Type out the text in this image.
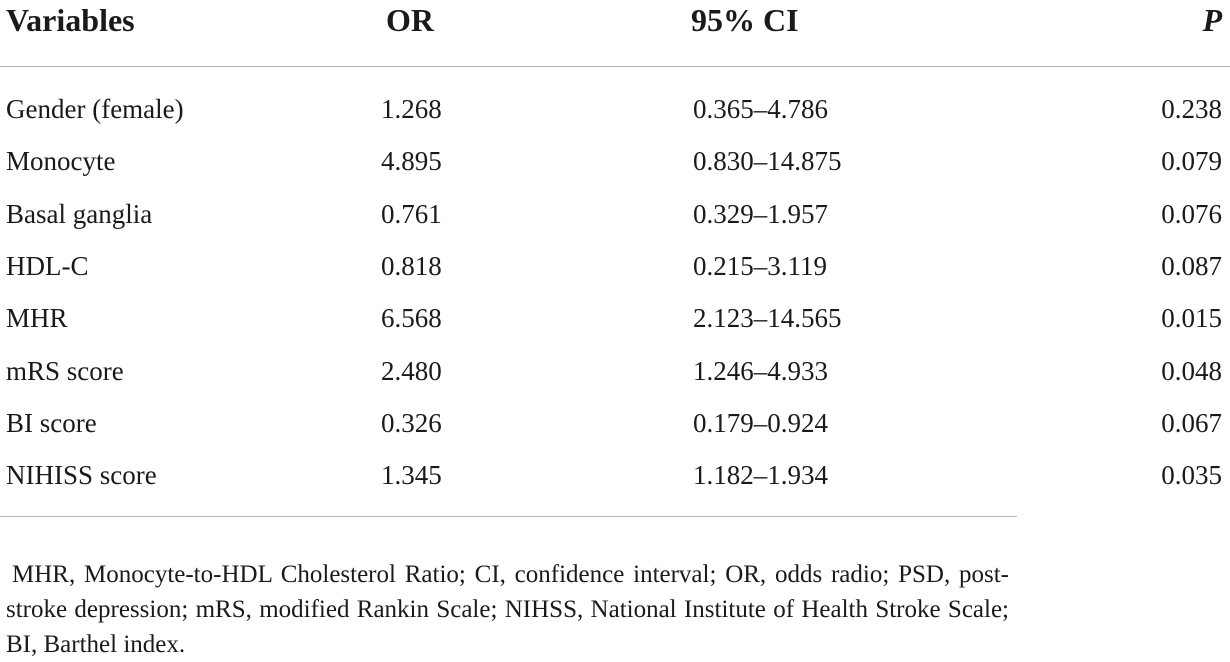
Variables	OR	95% CI	P

Gender (female)	1.268	0.365–4.786	0.238
Monocyte	4.895	0.830–14.875	0.079
Basal ganglia	0.761	0.329–1.957	0.076
HDL-C	0.818	0.215–3.119	0.087
MHR	6.568	2.123–14.565	0.015
mRS score	2.480	1.246–4.933	0.048
BI score	0.326	0.179–0.924	0.067
NIHISS score	1.345	1.182–1.934	0.035

MHR, Monocyte-to-HDL Cholesterol Ratio; CI, confidence interval; OR, odds radio; PSD, post-stroke depression; mRS, modified Rankin Scale; NIHSS, National Institute of Health Stroke Scale; BI, Barthel index.
